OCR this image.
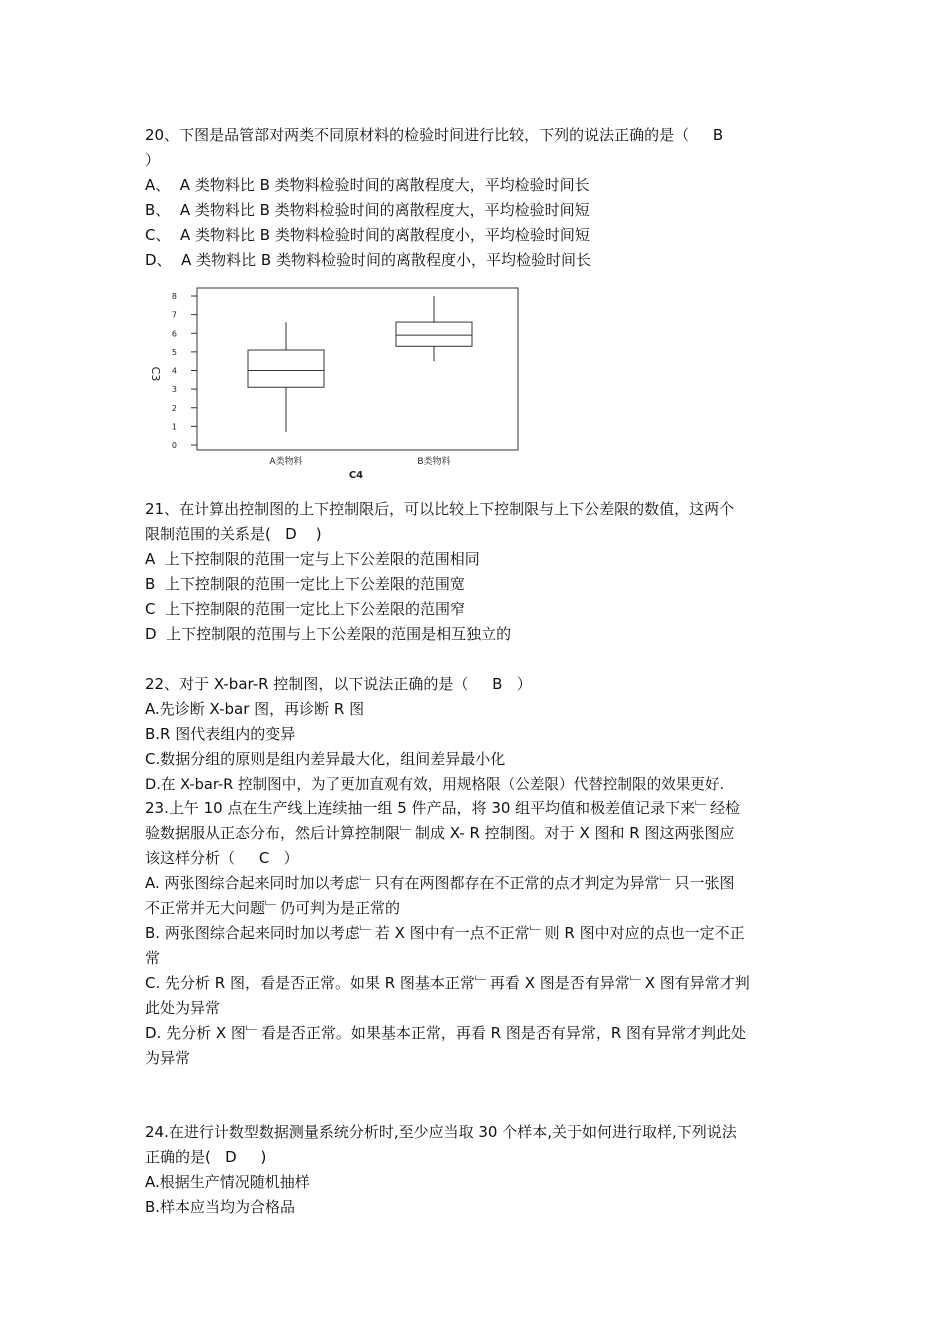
20、下图是品管部对两类不同原材料的检验时间进行比较，下列的说法正确的是（     B
）
A、  A 类物料比 B 类物料检验时间的离散程度大，平均检验时间长
B、  A 类物料比 B 类物料检验时间的离散程度大，平均检验时间短
C、  A 类物料比 B 类物料检验时间的离散程度小，平均检验时间短
D、  A 类物料比 B 类物料检验时间的离散程度小，平均检验时间长
0
1
2
3
4
5
6
7
8
C3
A类物料	B类物料
C4
21、在计算出控制图的上下控制限后，可以比较上下控制限与上下公差限的数值，这两个
限制范围的关系是(   D    )
A  上下控制限的范围一定与上下公差限的范围相同
B  上下控制限的范围一定比上下公差限的范围宽
C  上下控制限的范围一定比上下公差限的范围窄
D  上下控制限的范围与上下公差限的范围是相互独立的
22、对于 X-bar-R 控制图，以下说法正确的是（     B   ）
A.先诊断 X-bar 图，再诊断 R 图
B.R 图代表组内的变异
C.数据分组的原则是组内差异最大化，组间差异最小化
D.在 X-bar-R 控制图中，为了更加直观有效，用规格限（公差限）代替控制限的效果更好.
23.上午 10 点在生产线上连续抽一组 5 件产品，将 30 组平均值和极差值记录下来﹂经检
验数据服从正态分布，然后计算控制限﹂制成 X- R 控制图。对于 X 图和 R 图这两张图应
该这样分析（     C   ）
A. 两张图综合起来同时加以考虑﹂只有在两图都存在不正常的点才判定为异常﹂只一张图
不正常并无大问题﹂仍可判为是正常的
B. 两张图综合起来同时加以考虑﹂若 X 图中有一点不正常﹂则 R 图中对应的点也一定不正
常
C. 先分析 R 图，看是否正常。如果 R 图基本正常﹂再看 X 图是否有异常﹂X 图有异常才判
此处为异常
D. 先分析 X 图﹂看是否正常。如果基本正常，再看 R 图是否有异常，R 图有异常才判此处
为异常
24.在进行计数型数据测量系统分析时,至少应当取 30 个样本,关于如何进行取样,下列说法
正确的是(   D     )
A.根据生产情况随机抽样
B.样本应当均为合格品
